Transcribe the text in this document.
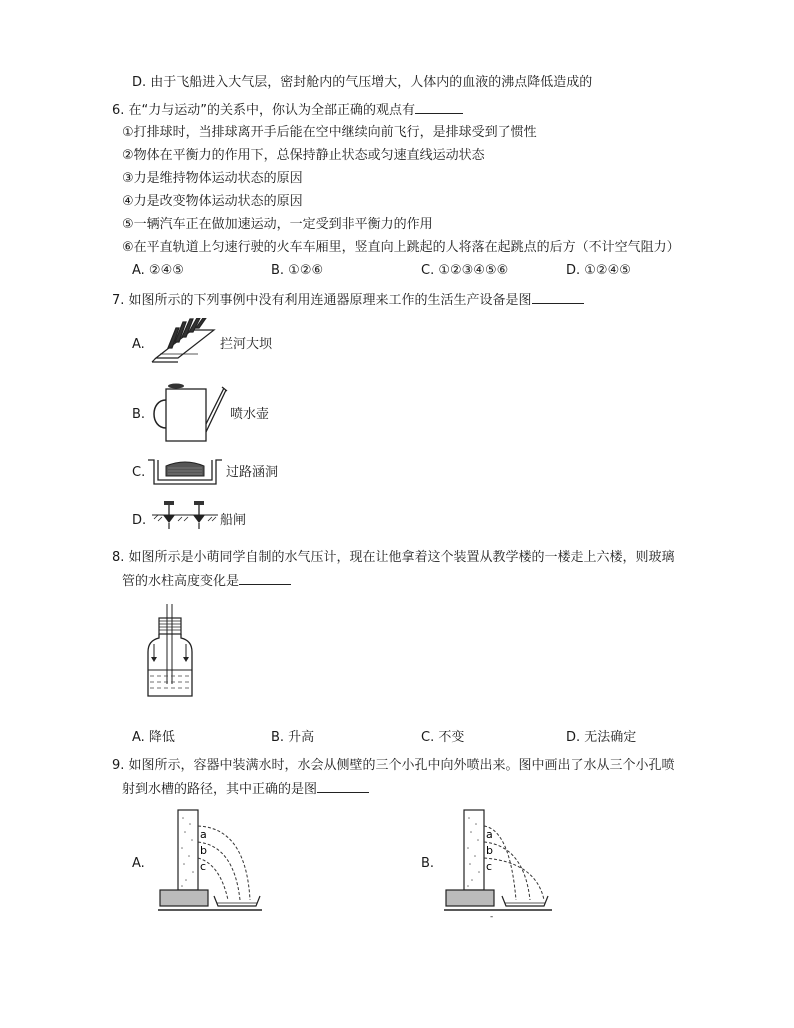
D. 由于飞船进入大气层，密封舱内的气压增大，人体内的血液的沸点降低造成的
6. 在“力与运动”的关系中，你认为全部正确的观点有
①打排球时，当排球离开手后能在空中继续向前飞行，是排球受到了惯性
②物体在平衡力的作用下，总保持静止状态或匀速直线运动状态
③力是维持物体运动状态的原因
④力是改变物体运动状态的原因
⑤一辆汽车正在做加速运动，一定受到非平衡力的作用
⑥在平直轨道上匀速行驶的火车车厢里，竖直向上跳起的人将落在起跳点的后方（不计空气阻力）
A. ②④⑤	B. ①②⑥	C. ①②③④⑤⑥	D. ①②④⑤
7. 如图所示的下列事例中没有利用连通器原理来工作的生活生产设备是图
A.	拦河大坝
B.	喷水壶
C.	过路涵洞
D.	船闸
8. 如图所示是小萌同学自制的水气压计，现在让他拿着这个装置从教学楼的一楼走上六楼，则玻璃
管的水柱高度变化是
A. 降低	B. 升高	C. 不变	D. 无法确定
9. 如图所示，容器中装满水时，水会从侧壁的三个小孔中向外喷出来。图中画出了水从三个小孔喷
射到水槽的路径，其中正确的是图
A.
a
b
c	B.
a
b
c
-
